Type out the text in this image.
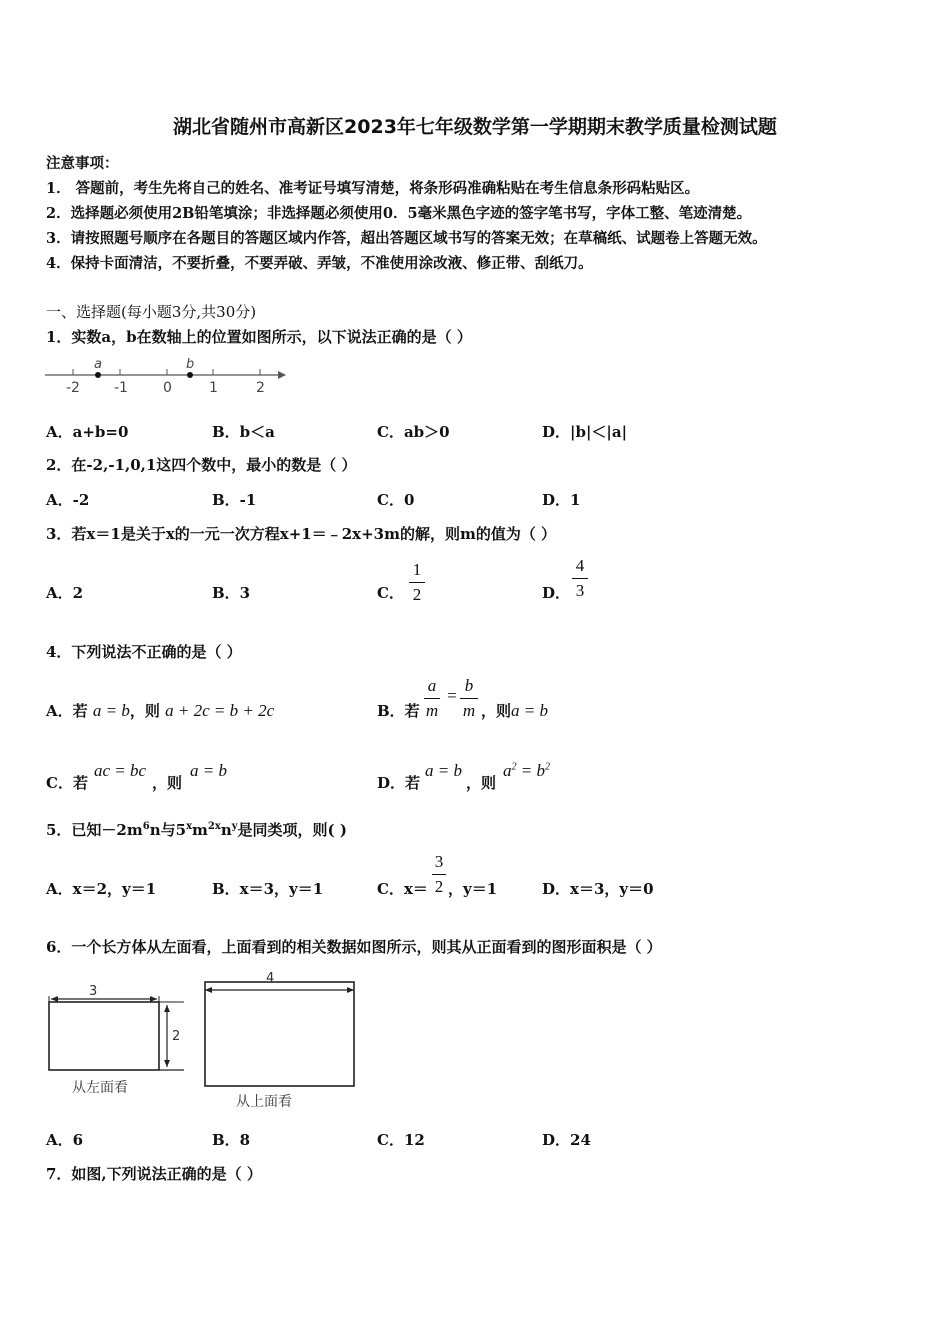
湖北省随州市高新区2023年七年级数学第一学期期末教学质量检测试题
注意事项：
1． 答题前，考生先将自己的姓名、准考证号填写清楚，将条形码准确粘贴在考生信息条形码粘贴区。
2．选择题必须使用2B铅笔填涂；非选择题必须使用0．5毫米黑色字迹的签字笔书写，字体工整、笔迹清楚。
3．请按照题号顺序在各题目的答题区域内作答，超出答题区域书写的答案无效；在草稿纸、试题卷上答题无效。
4．保持卡面清洁，不要折叠，不要弄破、弄皱，不准使用涂改液、修正带、刮纸刀。
一、选择题(每小题3分,共30分)
1．实数a，b在数轴上的位置如图所示，以下说法正确的是（ ）
a	b
-2 -1	0	1	2
A．a+b=0	B．b＜a	C．ab＞0	D．|b|＜|a|
2．在-2,-1,0,1这四个数中，最小的数是（ ）
A．-2	B．-1	C．0	D．1
3．若x＝1是关于x的一元一次方程x+1＝﹣2x+3m的解，则m的值为（ ）
A．2	B．3	C．
1
2	D．
4
3
4．下列说法不正确的是（ ）
A．若 a = b，则 a + 2c = b + 2c	B．若
a
m
=
b
m ，则a = b
C．若
ac = bc
，则
a = b
D．若
a = b
，则
$a^2 = b^2$
5．已知$-2m^6n$与$5^xm^{2x}n^y$是同类项，则( )
A．x＝2，y＝1	B．x＝3，y＝1	C．x＝
3
2 ，y＝1	D．x＝3，y＝0
6．一个长方体从左面看，上面看到的相关数据如图所示，则其从正面看到的图形面积是（ ）
3
2
从左面看
4
从上面看
A．6	B．8	C．12	D．24
7．如图,下列说法正确的是（ ）
